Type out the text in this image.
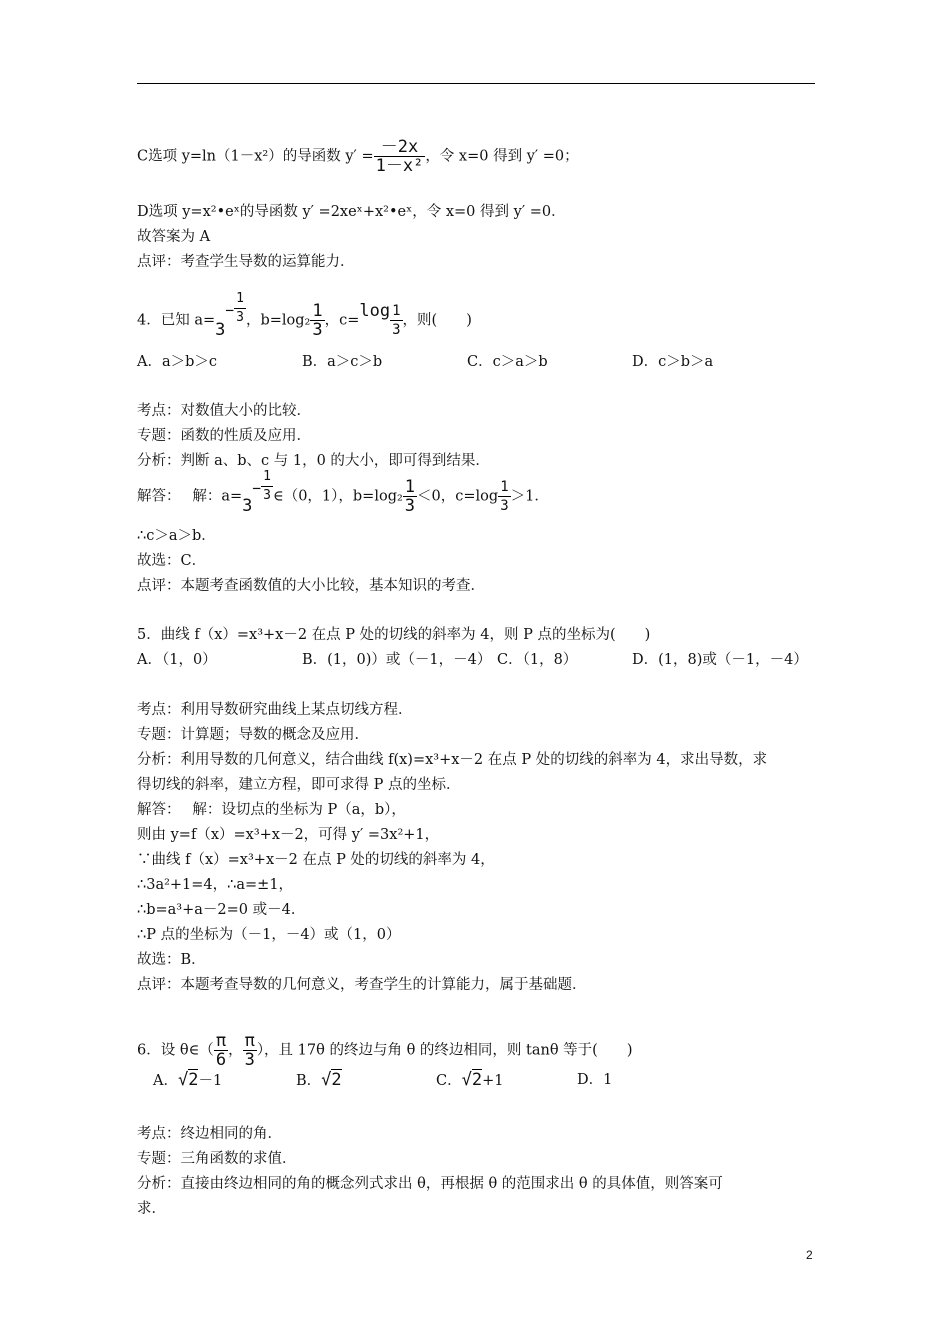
C选项 y=ln（1－x²）的导函数 $y' = \frac{-2x}{\text{1－x²}}$ ，令 x=0 得到 y′ =0；
D选项 y=x²•eˣ的导函数 y′ =2xeˣ+x²•eˣ，令 x=0 得到 y′ =0．
故答案为 A
点评：考查学生导数的运算能力．
4．已知 $a=3- \frac{1}{3}$ ，$b=\log_2 \frac{1}{3}$ ，$c=\log \frac{1}{3}$ ，则(　　)
A．a＞b＞c	B．a＞c＞b	C．c＞a＞b	D．c＞b＞a
考点：对数值大小的比较．
专题：函数的性质及应用．
分析：判断 a、b、c 与 1，0 的大小，即可得到结果．
解答：　 解：$a=3- \frac{1}{3}$ ∈（0，1），$b=\log_2 \frac{1}{3} <0$，$c=\log \frac{1}{3} >1$．
∴c＞a＞b．
故选：C．
点评：本题考查函数值的大小比较，基本知识的考查．
5．曲线 f（x）=x³+x－2 在点 P 处的切线的斜率为 4，则 P 点的坐标为(　　)
A．（1，0）	B．(1，0)）或（－1，－4） C．（1，8）	D．(1，8)或（－1，－4）
考点：利用导数研究曲线上某点切线方程．
专题：计算题；导数的概念及应用．
分析：利用导数的几何意义，结合曲线 f(x)=x³+x－2 在点 P 处的切线的斜率为 4，求出导数，求
得切线的斜率，建立方程，即可求得 P 点的坐标．
解答：　 解：设切点的坐标为 P（a，b），
则由 y=f（x）=x³+x－2，可得 y′ =3x²+1，
∵曲线 f（x）=x³+x－2 在点 P 处的切线的斜率为 4，
∴3a²+1=4，∴a=±1，
∴b=a³+a－2=0 或－4．
∴P 点的坐标为（－1，－4）或（1，0）
故选：B．
点评：本题考查导数的几何意义，考查学生的计算能力，属于基础题．
6．设 θ∈（ $\frac{\pi}{6}$ ， $\frac{\pi}{3}$ ），且 17θ 的终边与角 θ 的终边相同，则 tanθ 等于(　　)
A．√2－1	B．√2	C．√2+1	D．1
考点：终边相同的角．
专题：三角函数的求值．
分析：直接由终边相同的角的概念列式求出 θ，再根据 θ 的范围求出 θ 的具体值，则答案可
求．
2
